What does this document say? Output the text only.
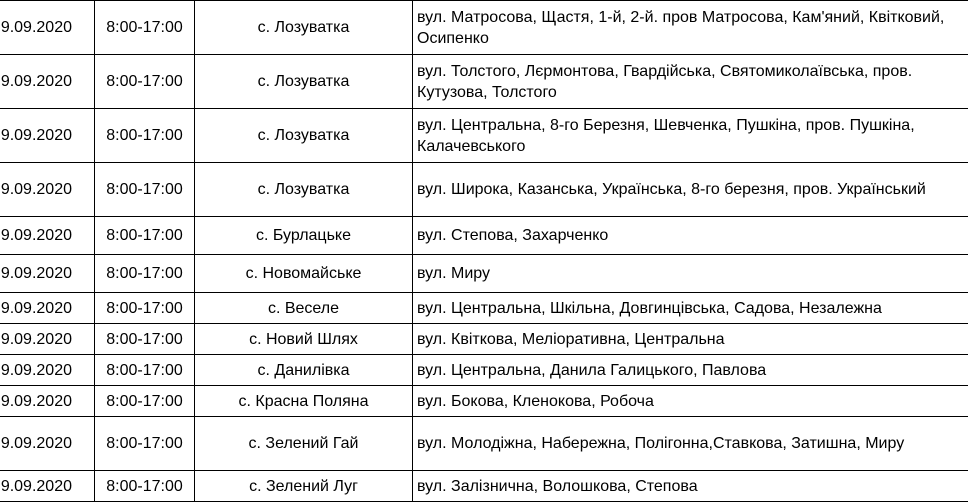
9.09.2020	8:00-17:00	с. Лозуватка	вул. Матросова, Щастя, 1-й, 2-й. пров Матросова, Кам'яний, Квітковий, Осипенко
9.09.2020	8:00-17:00	с. Лозуватка	вул. Толстого, Лєрмонтова, Гвардійська, Святомиколаївська, пров. Кутузова, Толстого
9.09.2020	8:00-17:00	с. Лозуватка	вул. Центральна, 8-го Березня, Шевченка, Пушкіна, пров. Пушкіна, Калачевського
9.09.2020	8:00-17:00	с. Лозуватка	вул. Широка, Казанська, Українська, 8-го березня, пров. Український
9.09.2020	8:00-17:00	с. Бурлацьке	вул. Степова, Захарченко
9.09.2020	8:00-17:00	с. Новомайське	вул. Миру
9.09.2020	8:00-17:00	с. Веселе	вул. Центральна, Шкільна, Довгинцівська, Садова, Незалежна
9.09.2020	8:00-17:00	с. Новий Шлях	вул. Квіткова, Меліоративна, Центральна
9.09.2020	8:00-17:00	с. Данилівка	вул. Центральна, Данила Галицького, Павлова
9.09.2020	8:00-17:00	с. Красна Поляна	вул. Бокова, Кленокова, Робоча
9.09.2020	8:00-17:00	с. Зелений Гай	вул. Молодіжна, Набережна, Полігонна,Ставкова, Затишна, Миру
9.09.2020	8:00-17:00	с. Зелений Луг	вул. Залізнична, Волошкова, Степова
